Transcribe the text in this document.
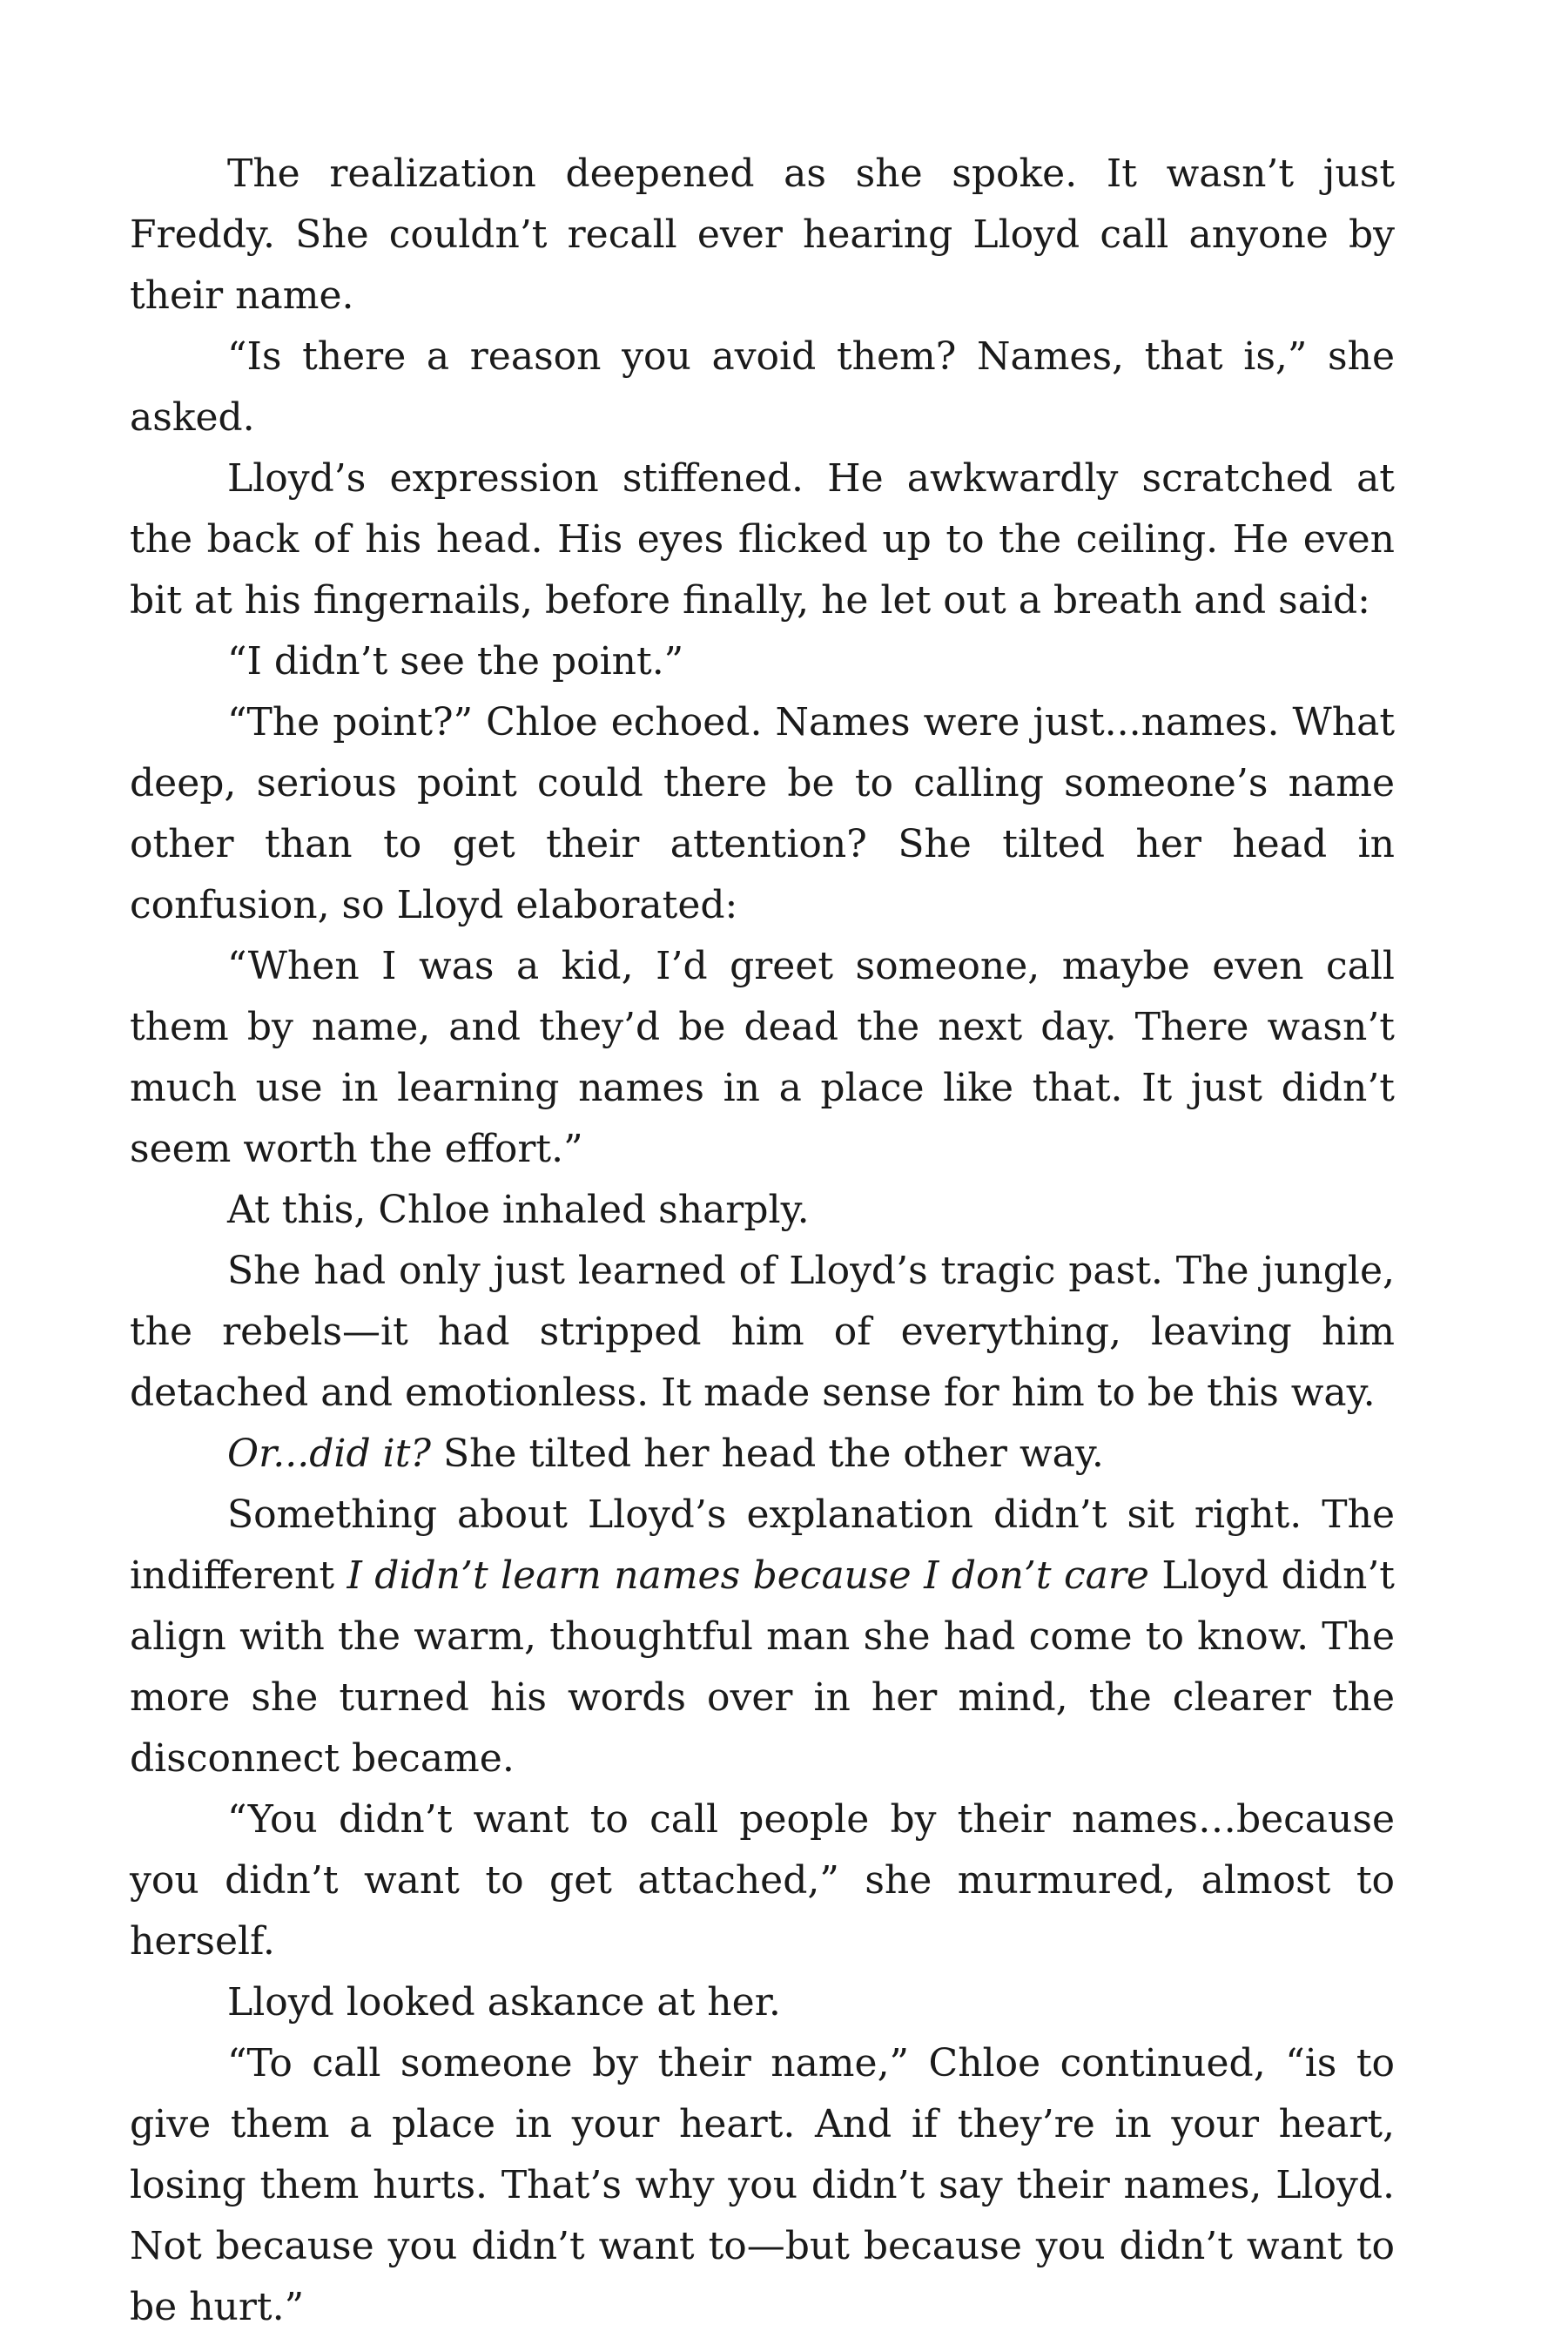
The realization deepened as she spoke. It wasn’t just Freddy. She couldn’t recall ever hearing Lloyd call anyone by their name.

“Is there a reason you avoid them? Names, that is,” she asked.

Lloyd’s expression stiffened. He awkwardly scratched at the back of his head. His eyes flicked up to the ceiling. He even bit at his fingernails, before finally, he let out a breath and said:

“I didn’t see the point.”

“The point?” Chloe echoed. Names were just...names. What deep, serious point could there be to calling someone’s name other than to get their attention? She tilted her head in confusion, so Lloyd elaborated:

“When I was a kid, I’d greet someone, maybe even call them by name, and they’d be dead the next day. There wasn’t much use in learning names in a place like that. It just didn’t seem worth the effort.”

At this, Chloe inhaled sharply.

She had only just learned of Lloyd’s tragic past. The jungle, the rebels—it had stripped him of everything, leaving him detached and emotionless. It made sense for him to be this way.

Or...did it? She tilted her head the other way.

Something about Lloyd’s explanation didn’t sit right. The indifferent I didn’t learn names because I don’t care Lloyd didn’t align with the warm, thoughtful man she had come to know. The more she turned his words over in her mind, the clearer the disconnect became.

“You didn’t want to call people by their names…because you didn’t want to get attached,” she murmured, almost to herself.

Lloyd looked askance at her.

“To call someone by their name,” Chloe continued, “is to give them a place in your heart. And if they’re in your heart, losing them hurts. That’s why you didn’t say their names, Lloyd. Not because you didn’t want to—but because you didn’t want to be hurt.”
